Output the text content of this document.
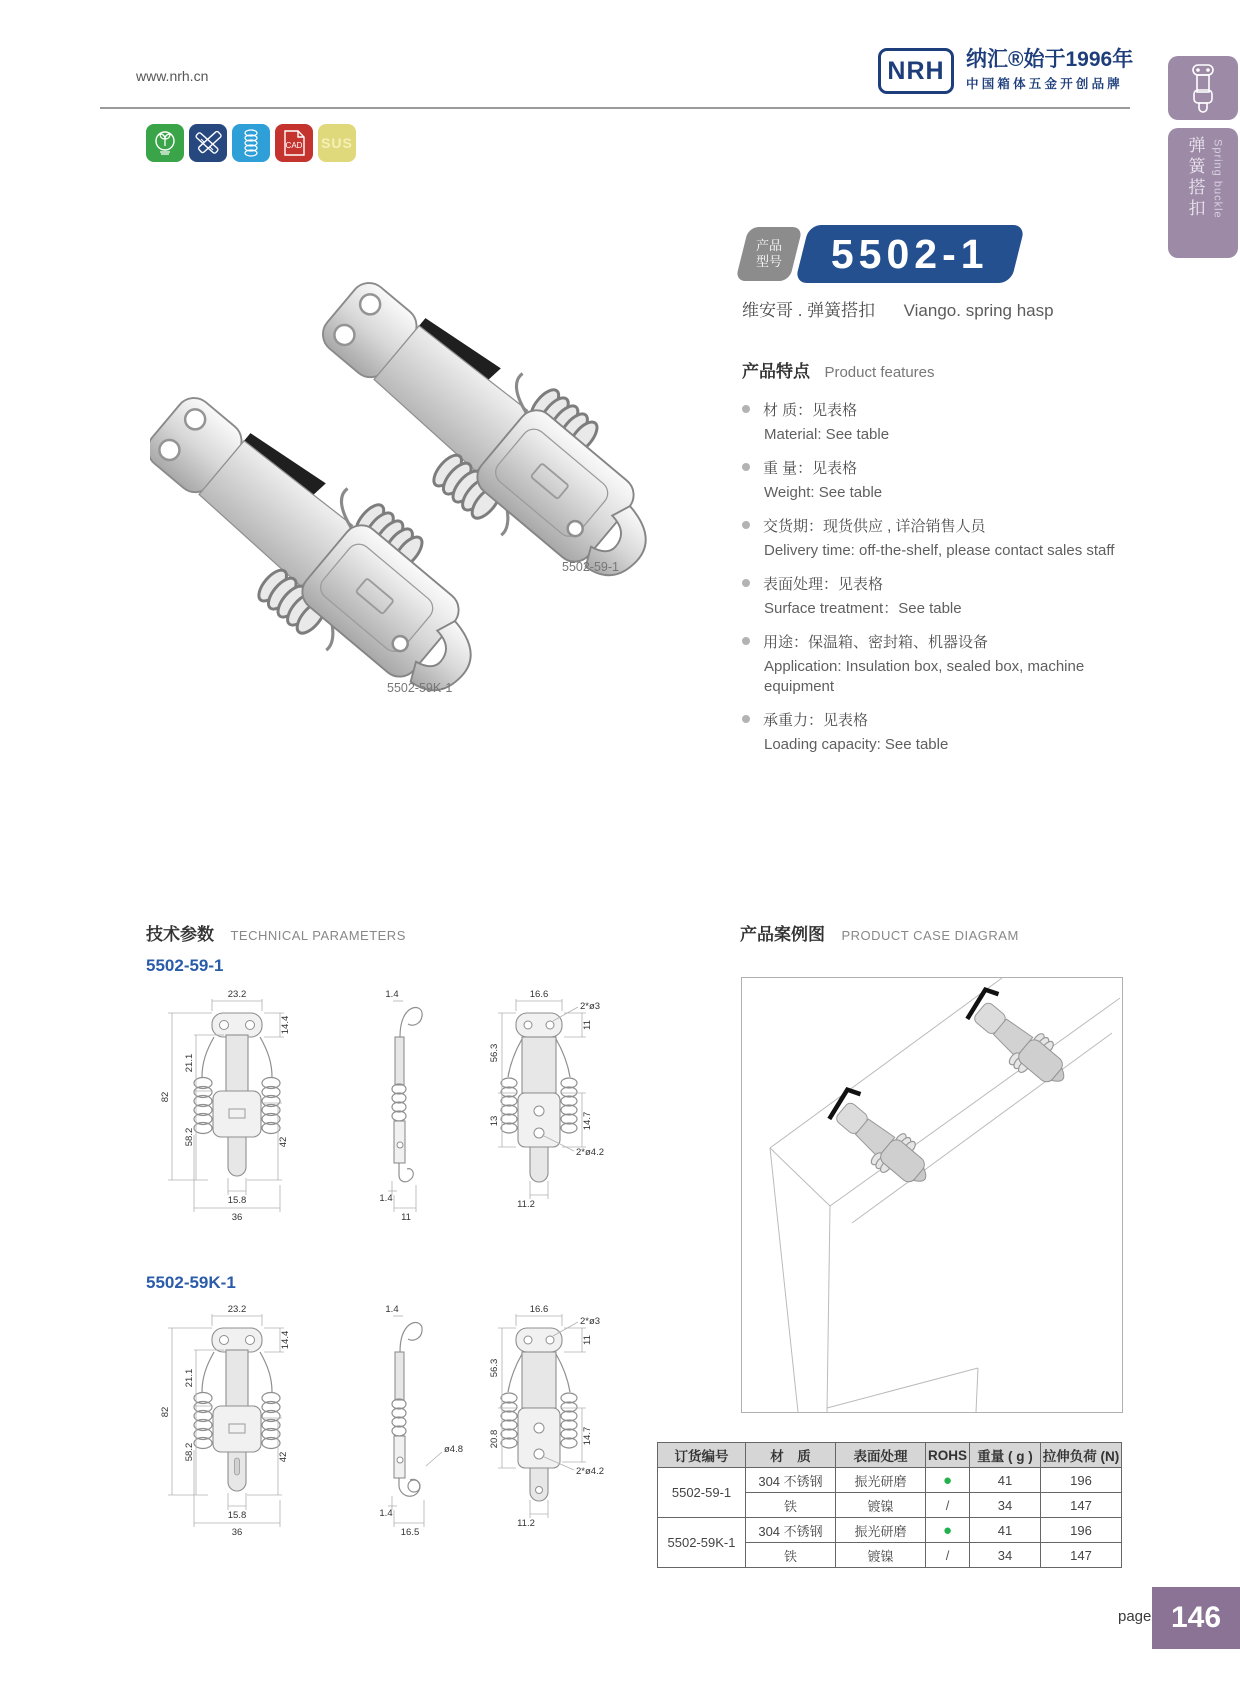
www.nrh.cn	NRH 纳汇®始于1996年
中国箱体五金开创品牌
CAD SUS	弹簧搭扣 Spring buckle
产品
型号 5502-1
维安哥 . 弹簧搭扣 Viango. spring hasp
产品特点 Product features
材 质：见表格
Material: See table
重 量：见表格
Weight: See table
交货期：现货供应 , 详洽销售人员
Delivery time: off-the-shelf, please contact sales staff
表面处理：见表格
Surface treatment：See table
用途：保温箱、密封箱、机器设备
Application: Insulation box, sealed box, machine equipment
承重力：见表格
Loading capacity: See table
5502-59-1
5502-59K-1
技术参数 TECHNICAL PARAMETERS
5502-59-1
23.2
14.4
21.1
58.2
82
42
15.8
36
1.4
1.4
11
16.6
2*ø3
11
56.3
13	14.7
2*ø4.2
11.2
5502-59K-1
23.2
14.4
21.1
58.2
82
42
15.8
36
1.4
ø4.8
1.4
16.5
16.6
2*ø3
11
56.3
20.8	14.7
2*ø4.2
11.2
产品案例图 PRODUCT CASE DIAGRAM
订货编号	材　质	表面处理	ROHS	重量 ( g )	拉伸负荷 (N)
5502-59-1	304 不锈钢	振光研磨	●	41	196
	铁	镀镍	/	34	147
5502-59K-1	304 不锈钢	振光研磨	●	41	196
	铁	镀镍	/	34	147
page 146
